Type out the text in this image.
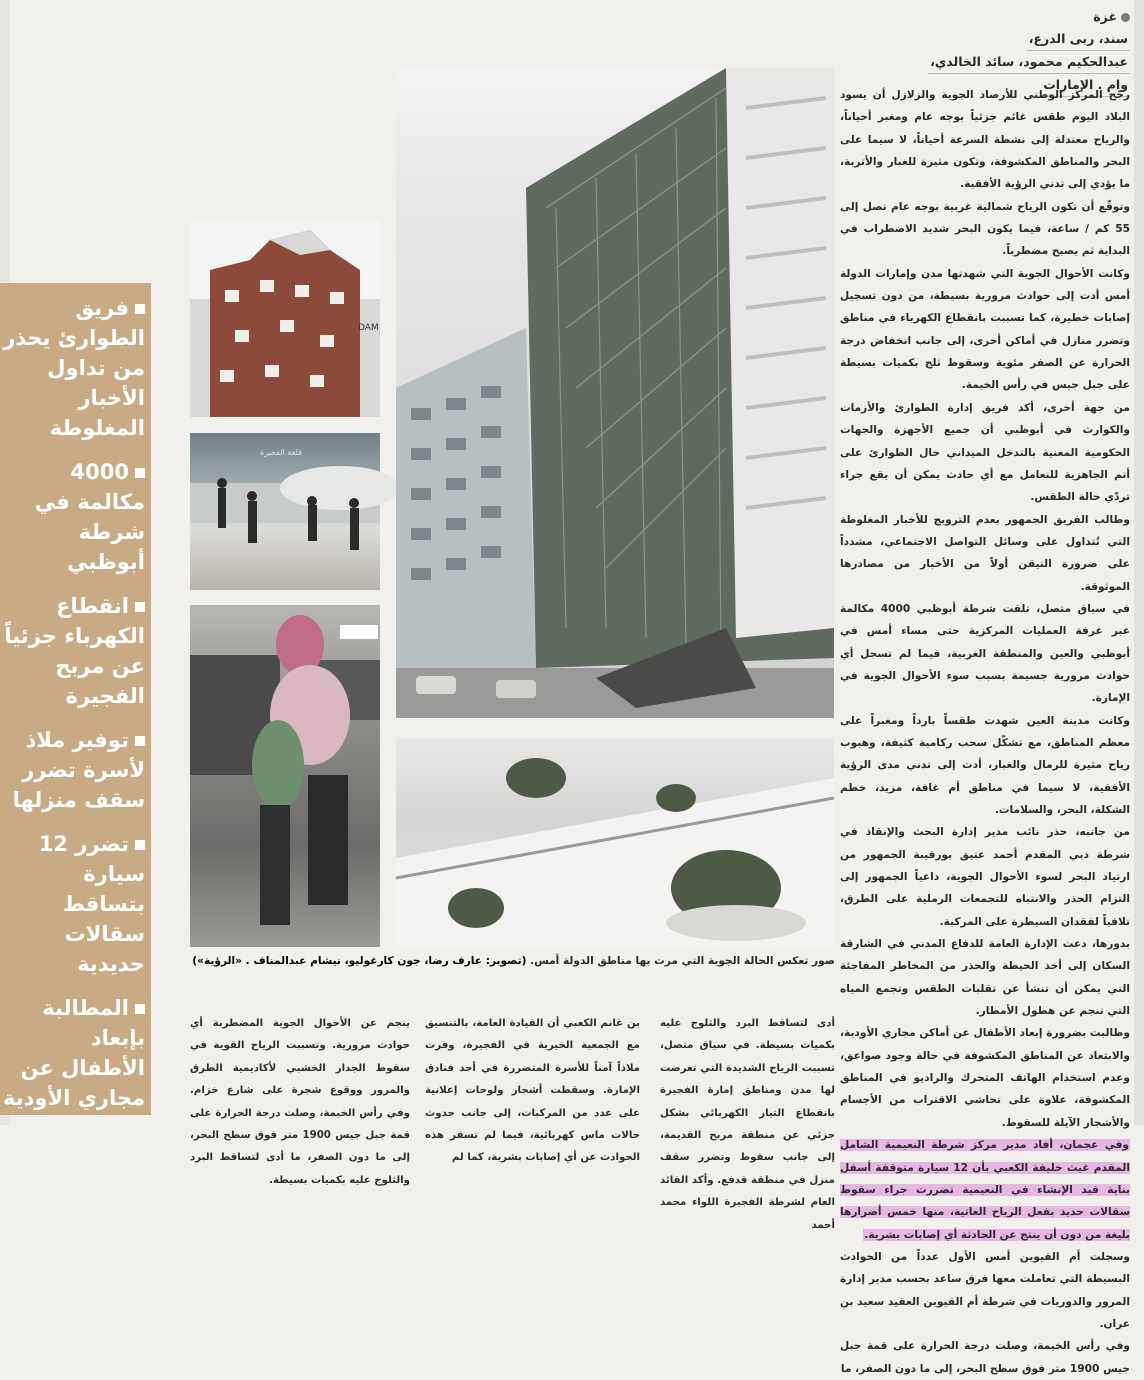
غزة
سند، ربى الدرع،
عبدالحكيم محمود، سائد الخالدي،
وام . الإمارات

رجّح المركز الوطني للأرصاد الجوية والزلازل أن يسود البلاد اليوم طقس غائم جزئياً بوجه عام ومغبر أحياناً، والرياح معتدلة إلى نشطة السرعة أحياناً، لا سيما على البحر والمناطق المكشوفة، وتكون مثيرة للغبار والأتربة، ما يؤدي إلى تدني الرؤية الأفقية.

وتوقّع أن تكون الرياح شمالية غربية بوجه عام تصل إلى 55 كم / ساعة، فيما يكون البحر شديد الاضطراب في البداية ثم يصبح مضطرباً.

وكانت الأحوال الجوية التي شهدتها مدن وإمارات الدولة أمس أدت إلى حوادث مرورية بسيطة، من دون تسجيل إصابات خطيرة، كما تسببت بانقطاع الكهرباء في مناطق وتضرر منازل في أماكن أخرى، إلى جانب انخفاض درجة الحرارة عن الصفر مئوية وسقوط ثلج بكميات بسيطة على جبل جيس في رأس الخيمة.

من جهة أخرى، أكد فريق إدارة الطوارئ والأزمات والكوارث في أبوظبي أن جميع الأجهزة والجهات الحكومية المعنية بالتدخل الميداني حال الطوارئ على أتم الجاهزية للتعامل مع أي حادث يمكن أن يقع جراء تردّي حالة الطقس.

وطالب الفريق الجمهور بعدم الترويج للأخبار المغلوطة التي تُتداول على وسائل التواصل الاجتماعي، مشدداً على ضرورة التيقن أولاً من الأخبار من مصادرها الموثوقة.

في سياق متصل، تلقت شرطة أبوظبي 4000 مكالمة عبر غرفة العمليات المركزية حتى مساء أمس في أبوظبي والعين والمنطقة الغربية، فيما لم تسجل أي حوادث مرورية جسيمة بسبب سوء الأحوال الجوية في الإمارة.

وكانت مدينة العين شهدت طقساً بارداً ومغبراً على معظم المناطق، مع تشكّل سحب ركامية كثيفة، وهبوب رياح مثيرة للرمال والغبار، أدت إلى تدني مدى الرؤية الأفقية، لا سيما في مناطق أم غافة، مزيد، خطم الشكلة، البحر، والسلامات.

من جانبه، حذر نائب مدير إدارة البحث والإنقاذ في شرطة دبي المقدم أحمد عتيق بورقيبة الجمهور من ارتياد البحر لسوء الأحوال الجوية، داعياً الجمهور إلى التزام الحذر والانتباه للتجمعات الرملية على الطرق، تلافياً لفقدان السيطرة على المركبة.

بدورها، دعت الإدارة العامة للدفاع المدني في الشارقة السكان إلى أخذ الحيطة والحذر من المخاطر المفاجئة التي يمكن أن تنشأ عن تقلبات الطقس وتجمع المياه التي تنجم عن هطول الأمطار.

وطالبت بضرورة إبعاد الأطفال عن أماكن مجاري الأودية، والابتعاد عن المناطق المكشوفة في حالة وجود صواعق، وعدم استخدام الهاتف المتحرك والراديو في المناطق المكشوفة، علاوة على تحاشي الاقتراب من الأجسام والأشجار الآيلة للسقوط.

وفي عجمان، أفاد مدير مركز شرطة النعيمية الشامل المقدم غيث خليفة الكعبي بأن 12 سيارة متوقفة أسفل بناية قيد الإنشاء في النعيمية تضررت جراء سقوط سقالات حديد بفعل الرياح العاتية، منها خمس أضرارها بليغة من دون أن ينتج عن الحادثة أي إصابات بشرية.

وسجلت أم القيوين أمس الأول عدداً من الحوادث البسيطة التي تعاملت معها فرق ساعد بحسب مدير إدارة المرور والدوريات في شرطة أم القيوين العقيد سعيد بن عران.

وفي رأس الخيمة، وصلت درجة الحرارة على قمة جبل جيس 1900 متر فوق سطح البحر، إلى ما دون الصفر، ما

فريق الطوارئ يحذر من تداول الأخبار المغلوطة
4000 مكالمة في شرطة أبوظبي
انقطاع الكهرباء جزئياً عن مربح الفجيرة
توفير ملاذ لأسرة تضرر سقف منزلها
تضرر 12 سيارة بتساقط سقالات حديدية
المطالبة بإبعاد الأطفال عن مجاري الأودية
DAM
قلعة الفجيرة
صور تعكس الحالة الجوية التي مرت بها مناطق الدولة أمس. (تصوير: عارف رضا، جون كارغوليو، نيشام عبدالمناف . «الرؤية»)

أدى لتساقط البرد والثلوج عليه بكميات بسيطة. في سياق متصل، تسببت الرياح الشديدة التي تعرضت لها مدن ومناطق إمارة الفجيرة بانقطاع التيار الكهربائي بشكل جزئي عن منطقة مربح القديمة، إلى جانب سقوط وتضرر سقف منزل في منطقة قدفع. وأكد القائد العام لشرطة الفجيرة اللواء محمد أحمد

بن غانم الكعبي أن القيادة العامة، بالتنسيق مع الجمعية الخيرية في الفجيرة، وفرت ملاذاً آمناً للأسرة المتضررة في أحد فنادق الإمارة. وسقطت أشجار ولوحات إعلانية على عدد من المركبات، إلى جانب حدوث حالات ماس كهربائية، فيما لم تسفر هذه الحوادث عن أي إصابات بشرية، كما لم

ينجم عن الأحوال الجوية المضطربة أي حوادث مرورية. وتسببت الرياح القوية في سقوط الجدار الخشبي لأكاديمية الطرق والمرور ووقوع شجرة على شارع خزام. وفي رأس الخيمة، وصلت درجة الحرارة على قمة جبل جيس 1900 متر فوق سطح البحر، إلى ما دون الصفر، ما أدى لتساقط البرد والثلوج عليه بكميات بسيطة.
